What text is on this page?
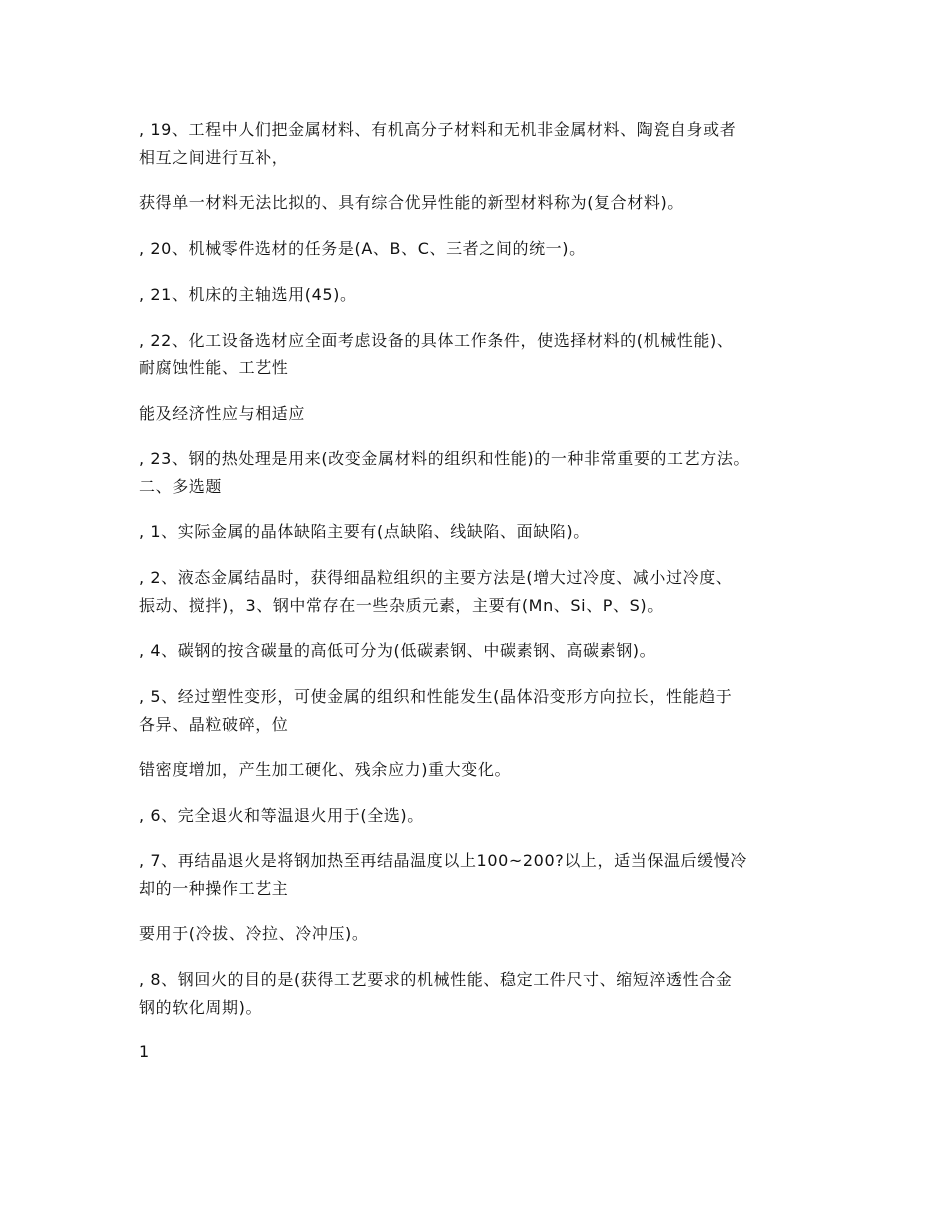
, 19、工程中人们把金属材料、有机高分子材料和无机非金属材料、陶瓷自身或者
相互之间进行互补，
获得单一材料无法比拟的、具有综合优异性能的新型材料称为(复合材料)。
, 20、机械零件选材的任务是(A、B、C、三者之间的统一)。
, 21、机床的主轴选用(45)。
, 22、化工设备选材应全面考虑设备的具体工作条件，使选择材料的(机械性能)、
耐腐蚀性能、工艺性
能及经济性应与相适应
, 23、钢的热处理是用来(改变金属材料的组织和性能)的一种非常重要的工艺方法。
二、多选题
, 1、实际金属的晶体缺陷主要有(点缺陷、线缺陷、面缺陷)。
, 2、液态金属结晶时，获得细晶粒组织的主要方法是(增大过冷度、减小过冷度、
振动、搅拌)，3、钢中常存在一些杂质元素，主要有(Mn、Si、P、S)。
, 4、碳钢的按含碳量的高低可分为(低碳素钢、中碳素钢、高碳素钢)。
, 5、经过塑性变形，可使金属的组织和性能发生(晶体沿变形方向拉长，性能趋于
各异、晶粒破碎，位
错密度增加，产生加工硬化、残余应力)重大变化。
, 6、完全退火和等温退火用于(全选)。
, 7、再结晶退火是将钢加热至再结晶温度以上100~200?以上，适当保温后缓慢冷
却的一种操作工艺主
要用于(冷拔、冷拉、冷冲压)。
, 8、钢回火的目的是(获得工艺要求的机械性能、稳定工件尺寸、缩短淬透性合金
钢的软化周期)。
1
